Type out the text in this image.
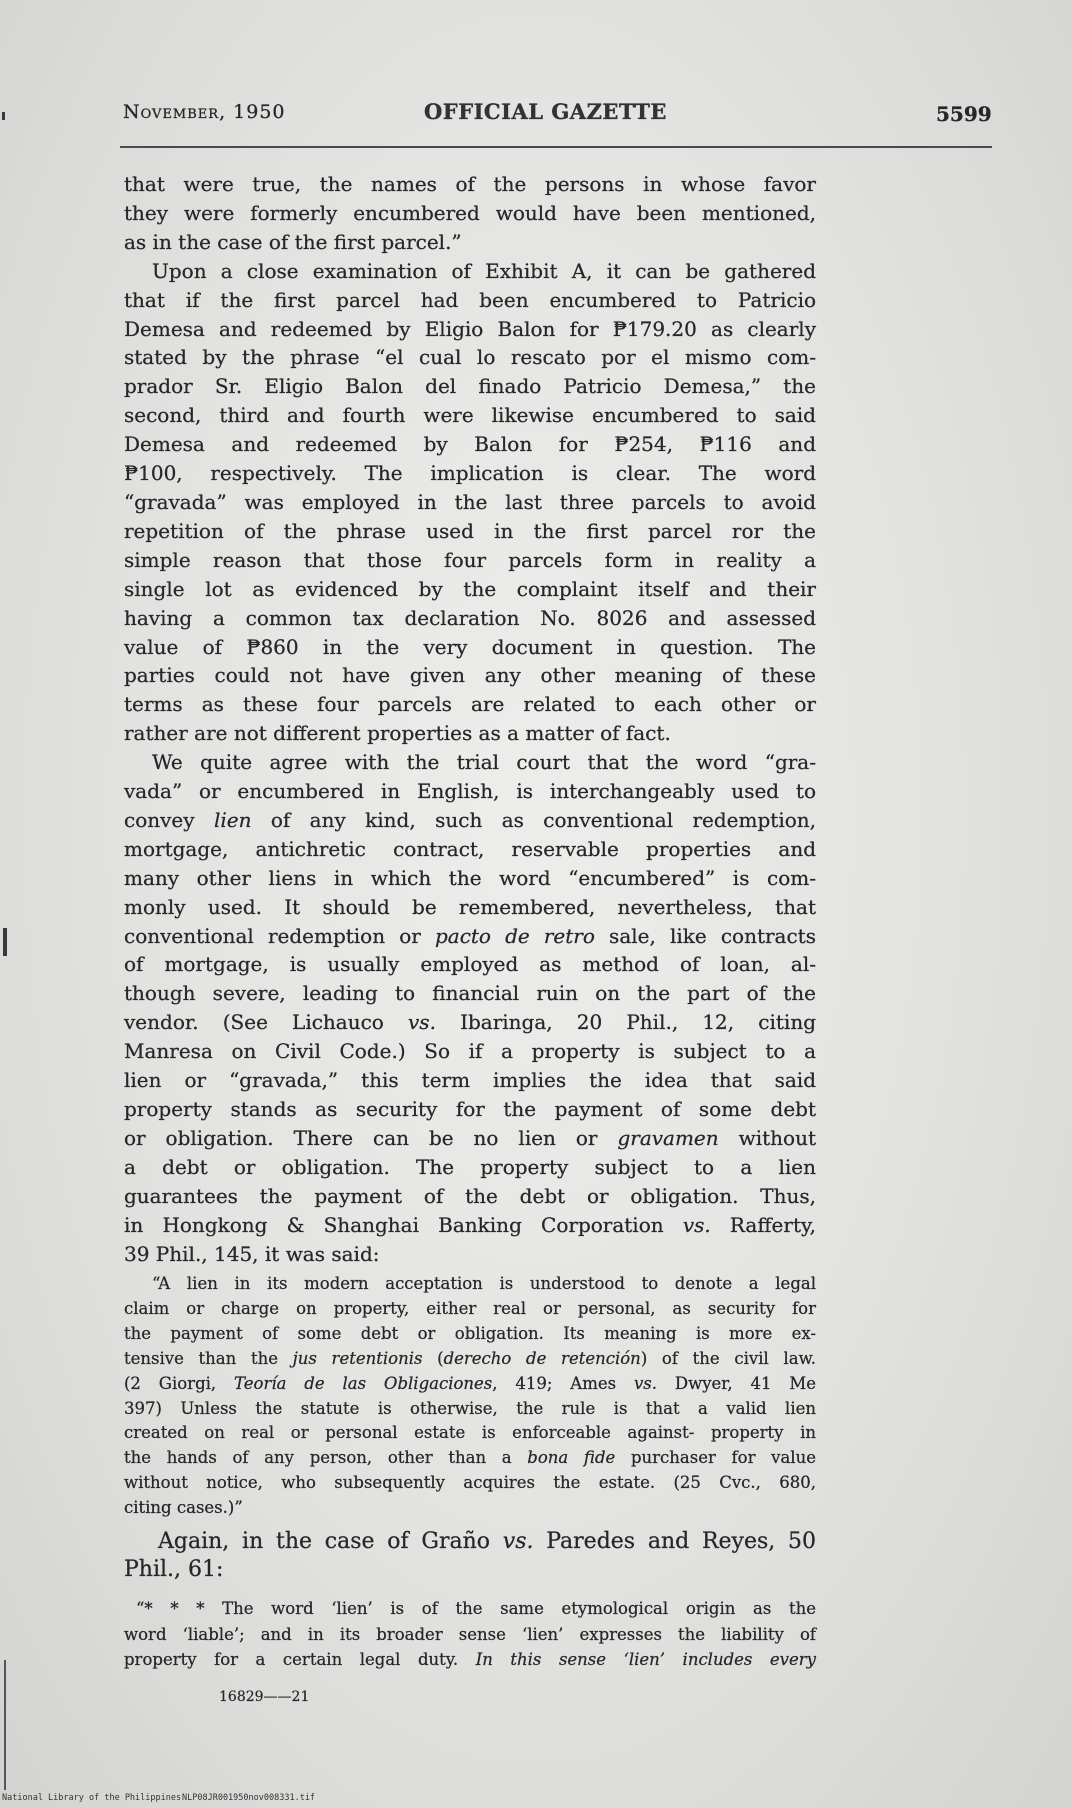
November, 1950	OFFICIAL GAZETTE	5599
that were true, the names of the persons in whose favor
they were formerly encumbered would have been mentioned,
as in the case of the first parcel.”
Upon a close examination of Exhibit A, it can be gathered
that if the first parcel had been encumbered to Patricio
Demesa and redeemed by Eligio Balon for ₱179.20 as clearly
stated by the phrase “el cual lo rescato por el mismo com-
prador Sr. Eligio Balon del finado Patricio Demesa,” the
second, third and fourth were likewise encumbered to said
Demesa and redeemed by Balon for ₱254, ₱116 and
₱100, respectively. The implication is clear. The word
“gravada” was employed in the last three parcels to avoid
repetition of the phrase used in the first parcel ror the
simple reason that those four parcels form in reality a
single lot as evidenced by the complaint itself and their
having a common tax declaration No. 8026 and assessed
value of ₱860 in the very document in question. The
parties could not have given any other meaning of these
terms as these four parcels are related to each other or
rather are not different properties as a matter of fact.
We quite agree with the trial court that the word “gra-
vada” or encumbered in English, is interchangeably used to
convey lien of any kind, such as conventional redemption,
mortgage, antichretic contract, reservable properties and
many other liens in which the word “encumbered” is com-
monly used. It should be remembered, nevertheless, that
conventional redemption or pacto de retro sale, like contracts
of mortgage, is usually employed as method of loan, al-
though severe, leading to financial ruin on the part of the
vendor. (See Lichauco vs. Ibaringa, 20 Phil., 12, citing
Manresa on Civil Code.) So if a property is subject to a
lien or “gravada,” this term implies the idea that said
property stands as security for the payment of some debt
or obligation. There can be no lien or gravamen without
a debt or obligation. The property subject to a lien
guarantees the payment of the debt or obligation. Thus,
in Hongkong & Shanghai Banking Corporation vs. Rafferty,
39 Phil., 145, it was said:
“A lien in its modern acceptation is understood to denote a legal
claim or charge on property, either real or personal, as security for
the payment of some debt or obligation. Its meaning is more ex-
tensive than the jus retentionis (derecho de retención) of the civil law.
(2 Giorgi, Teoría de las Obligaciones, 419; Ames vs. Dwyer, 41 Me
397) Unless the statute is otherwise, the rule is that a valid lien
created on real or personal estate is enforceable against- property in
the hands of any person, other than a bona fide purchaser for value
without notice, who subsequently acquires the estate. (25 Cvc., 680,
citing cases.)”
Again, in the case of Graño vs. Paredes and Reyes, 50
Phil., 61:
“* * * The word ‘lien’ is of the same etymological origin as the
word ‘liable’; and in its broader sense ‘lien’ expresses the liability of
property for a certain legal duty. In this sense ‘lien’ includes every
16829——21
National Library of the Philippines NLP08JR001950nov008331.tif
